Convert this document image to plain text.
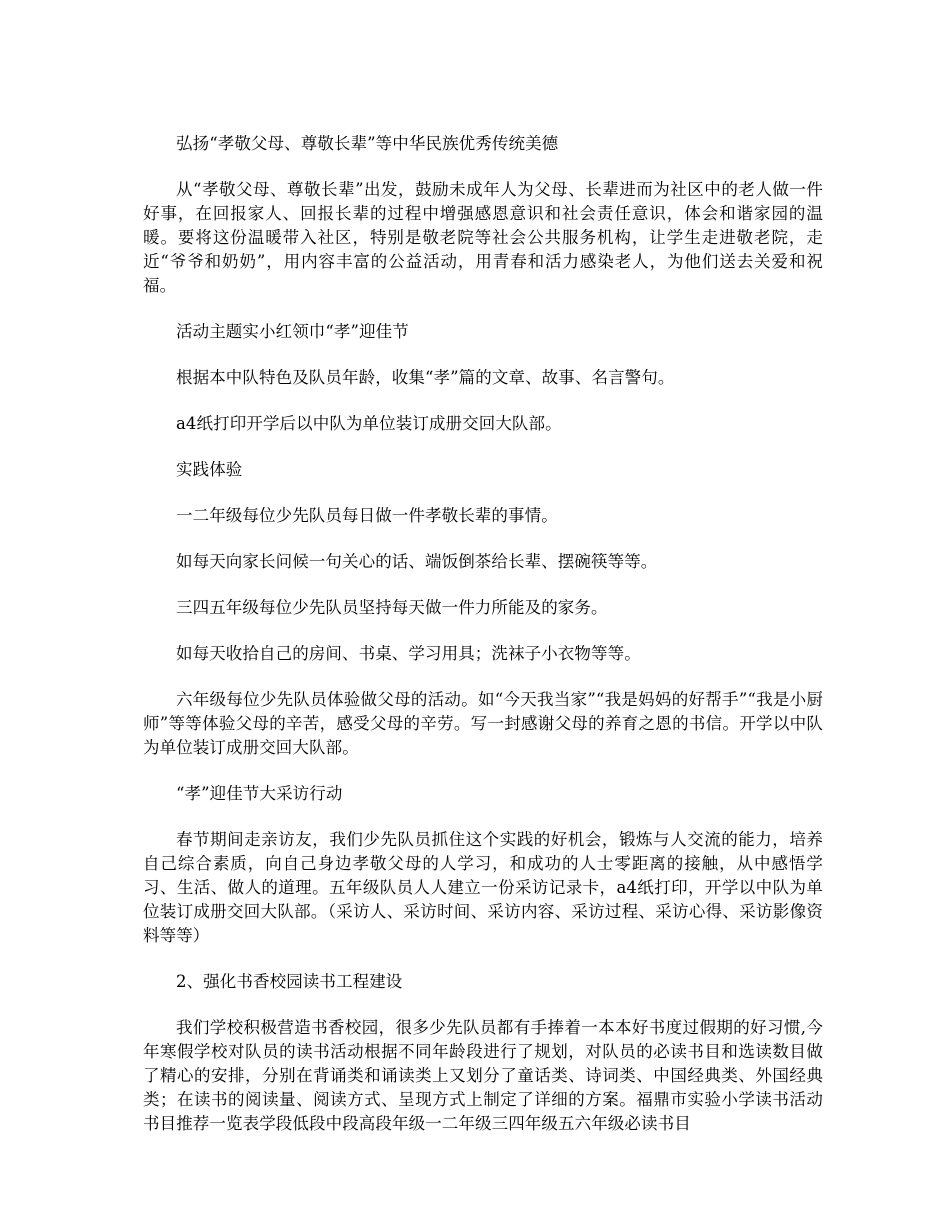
弘扬“孝敬父母、尊敬长辈”等中华民族优秀传统美德

从“孝敬父母、尊敬长辈”出发，鼓励未成年人为父母、长辈进而为社区中的老人做一件好事，在回报家人、回报长辈的过程中增强感恩意识和社会责任意识，体会和谐家园的温暖。要将这份温暖带入社区，特别是敬老院等社会公共服务机构，让学生走进敬老院，走近“爷爷和奶奶”，用内容丰富的公益活动，用青春和活力感染老人，为他们送去关爱和祝福。

活动主题实小红领巾“孝”迎佳节

根据本中队特色及队员年龄，收集“孝”篇的文章、故事、名言警句。

a4纸打印开学后以中队为单位装订成册交回大队部。

实践体验

一二年级每位少先队员每日做一件孝敬长辈的事情。

如每天向家长问候一句关心的话、端饭倒茶给长辈、摆碗筷等等。

三四五年级每位少先队员坚持每天做一件力所能及的家务。

如每天收拾自己的房间、书桌、学习用具；洗袜子小衣物等等。

六年级每位少先队员体验做父母的活动。如“今天我当家”“我是妈妈的好帮手”“我是小厨师”等等体验父母的辛苦，感受父母的辛劳。写一封感谢父母的养育之恩的书信。开学以中队为单位装订成册交回大队部。

“孝”迎佳节大采访行动

春节期间走亲访友，我们少先队员抓住这个实践的好机会，锻炼与人交流的能力，培养自己综合素质，向自己身边孝敬父母的人学习，和成功的人士零距离的接触，从中感悟学习、生活、做人的道理。五年级队员人人建立一份采访记录卡，a4纸打印，开学以中队为单位装订成册交回大队部。（采访人、采访时间、采访内容、采访过程、采访心得、采访影像资料等等）

2、强化书香校园读书工程建设

我们学校积极营造书香校园，很多少先队员都有手捧着一本本好书度过假期的好习惯,今年寒假学校对队员的读书活动根据不同年龄段进行了规划，对队员的必读书目和选读数目做了精心的安排，分别在背诵类和诵读类上又划分了童话类、诗词类、中国经典类、外国经典类；在读书的阅读量、阅读方式、呈现方式上制定了详细的方案。福鼎市实验小学读书活动书目推荐一览表学段低段中段高段年级一二年级三四年级五六年级必读书目
